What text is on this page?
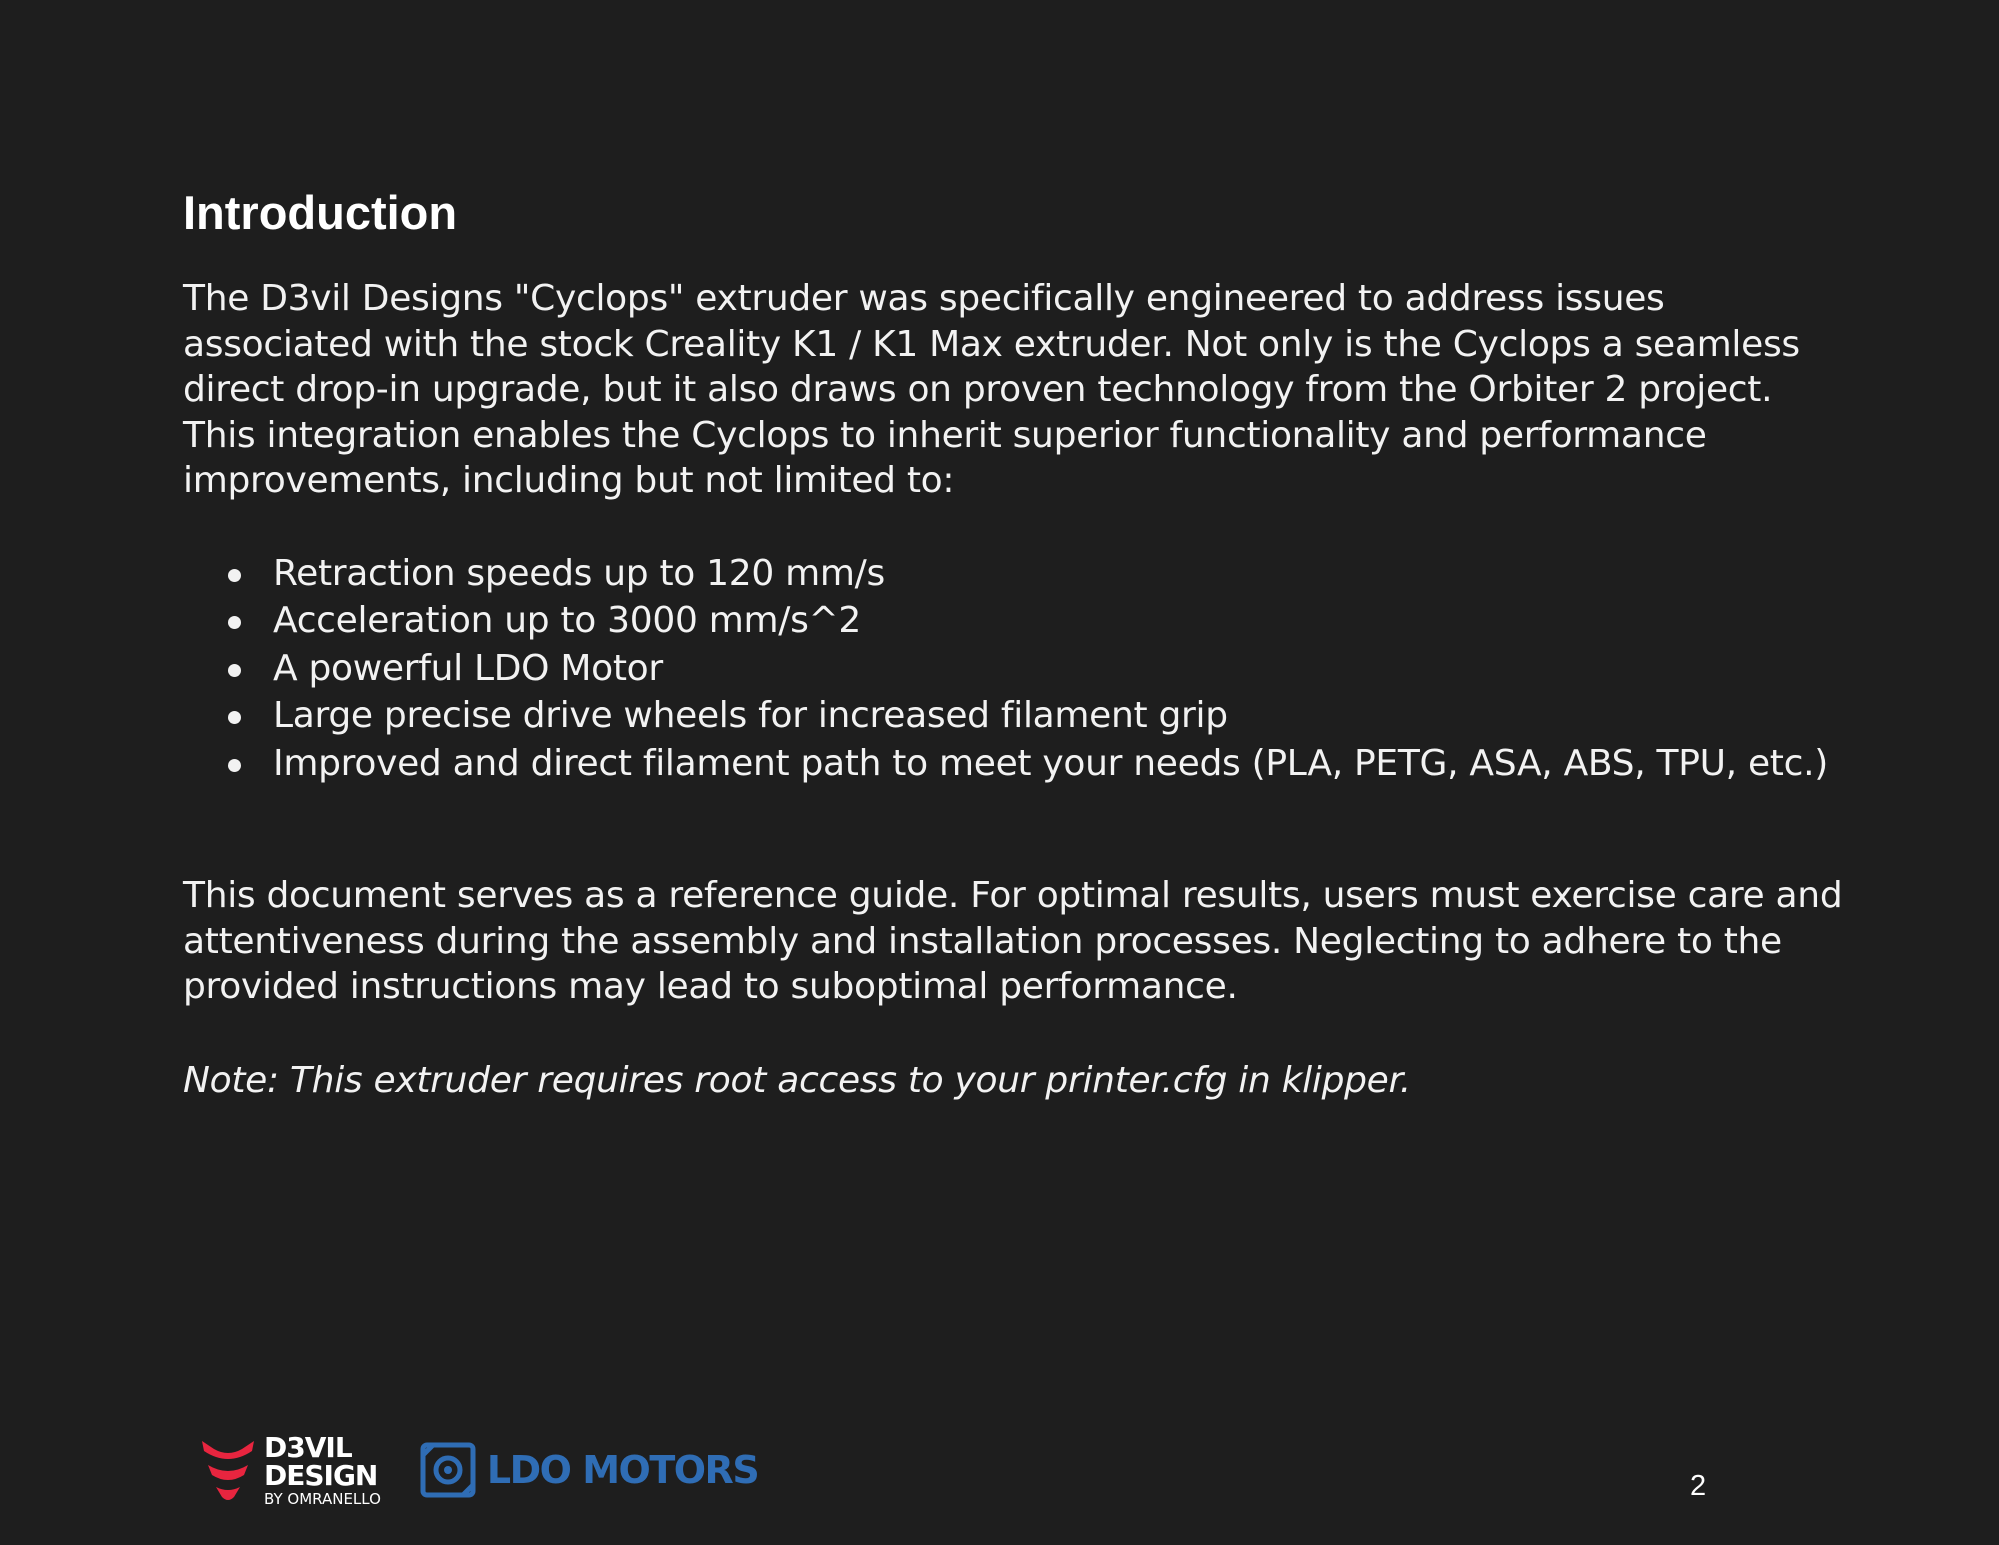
Introduction

The D3vil Designs "Cyclops" extruder was specifically engineered to address issues associated with the stock Creality K1 / K1 Max extruder. Not only is the Cyclops a seamless direct drop-in upgrade, but it also draws on proven technology from the Orbiter 2 project. This integration enables the Cyclops to inherit superior functionality and performance improvements, including but not limited to:

Retraction speeds up to 120 mm/s
Acceleration up to 3000 mm/s^2
A powerful LDO Motor
Large precise drive wheels for increased filament grip
Improved and direct filament path to meet your needs (PLA, PETG, ASA, ABS, TPU, etc.)

This document serves as a reference guide. For optimal results, users must exercise care and attentiveness during the assembly and installation processes. Neglecting to adhere to the provided instructions may lead to suboptimal performance.

Note: This extruder requires root access to your printer.cfg in klipper.

D3VIL
DESIGN
BY OMRANELLO
LDO MOTORS	2
